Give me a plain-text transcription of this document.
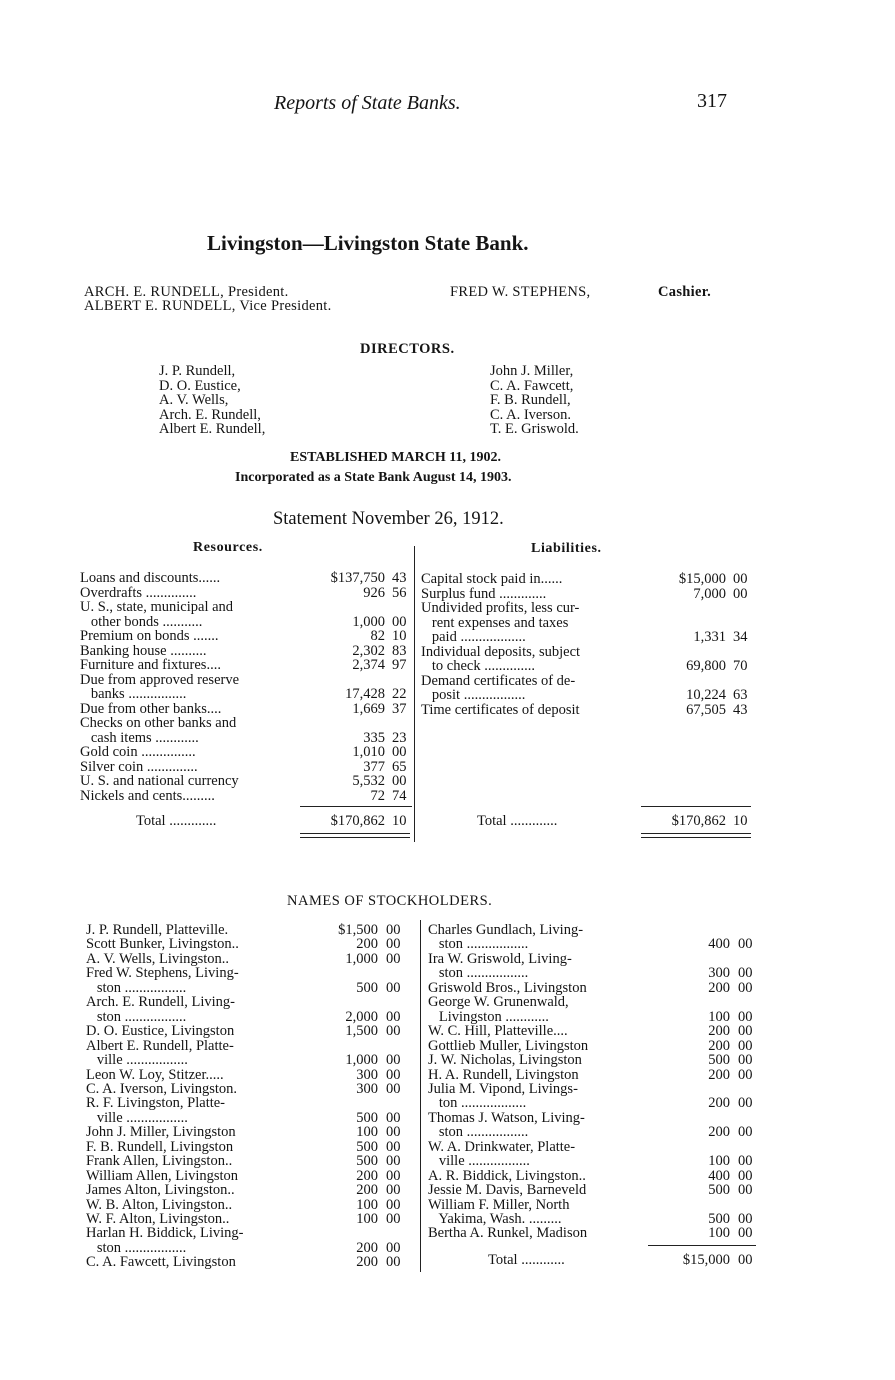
Reports of State Banks.	317
Livingston—Livingston State Bank.
ARCH. E. RUNDELL, President.
ALBERT E. RUNDELL, Vice President.
FRED W. STEPHENS,	Cashier.
DIRECTORS.
J. P. Rundell,
D. O. Eustice,
A. V. Wells,
Arch. E. Rundell,
Albert E. Rundell,
John J. Miller,
C. A. Fawcett,
F. B. Rundell,
C. A. Iverson.
T. E. Griswold.
ESTABLISHED MARCH 11, 1902.
Incorporated as a State Bank August 14, 1903.
Statement November 26, 1912.
Resources.	Liabilities.
Loans and discounts......	$137,750 43
Overdrafts ..............	926 56
U. S., state, municipal and
other bonds ...........	1,000 00
Premium on bonds .......	82 10
Banking house ..........	2,302 83
Furniture and fixtures....	2,374 97
Due from approved reserve
banks ................	17,428 22
Due from other banks....	1,669 37
Checks on other banks and
cash items ............	335 23
Gold coin ...............	1,010 00
Silver coin ..............	377 65
U. S. and national currency	5,532 00
Nickels and cents.........	72 74
Capital stock paid in......	$15,000 00
Surplus fund .............	7,000 00
Undivided profits, less cur-
rent expenses and taxes
paid ..................	1,331 34
Individual deposits, subject
to check ..............	69,800 70
Demand certificates of de-
posit .................	10,224 63
Time certificates of deposit	67,505 43
Total .............	$170,862 10	Total .............	$170,862 10
NAMES OF STOCKHOLDERS.
J. P. Rundell, Platteville.	$1,500 00
Scott Bunker, Livingston..	200 00
A. V. Wells, Livingston..	1,000 00
Fred W. Stephens, Living-
ston .................	500 00
Arch. E. Rundell, Living-
ston .................	2,000 00
D. O. Eustice, Livingston	1,500 00
Albert E. Rundell, Platte-
ville .................	1,000 00
Leon W. Loy, Stitzer.....	300 00
C. A. Iverson, Livingston.	300 00
R. F. Livingston, Platte-
ville .................	500 00
John J. Miller, Livingston	100 00
F. B. Rundell, Livingston	500 00
Frank Allen, Livingston..	500 00
William Allen, Livingston	200 00
James Alton, Livingston..	200 00
W. B. Alton, Livingston..	100 00
W. F. Alton, Livingston..	100 00
Harlan H. Biddick, Living-
ston .................	200 00
C. A. Fawcett, Livingston	200 00
Charles Gundlach, Living-
ston .................	400 00
Ira W. Griswold, Living-
ston .................	300 00
Griswold Bros., Livingston	200 00
George W. Grunenwald,
Livingston ............	100 00
W. C. Hill, Platteville....	200 00
Gottlieb Muller, Livingston	200 00
J. W. Nicholas, Livingston	500 00
H. A. Rundell, Livingston	200 00
Julia M. Vipond, Livings-
ton ..................	200 00
Thomas J. Watson, Living-
ston .................	200 00
W. A. Drinkwater, Platte-
ville .................	100 00
A. R. Biddick, Livingston..	400 00
Jessie M. Davis, Barneveld	500 00
William F. Miller, North
Yakima, Wash. .........	500 00
Bertha A. Runkel, Madison	100 00
Total ............	$15,000 00
